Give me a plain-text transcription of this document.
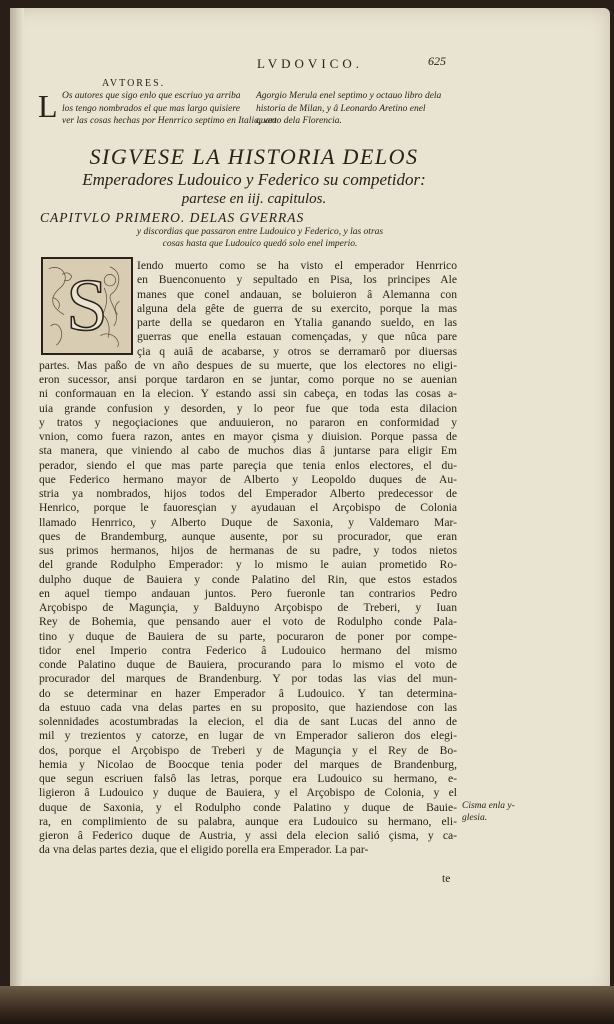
LVDOVICO.	625
L
AVTORES.
Os autores que sigo enlo que escriuo ya arriba
los tengo nombrados el que mas largo quisiere
ver las cosas hechas por Henrrico septimo en Italia, vea
Agorgio Merula enel septimo y octauo libro dela
historia de Milan, y â Leonardo Aretino enel
quarto dela Florencia.
SIGVESE LA HISTORIA DELOS
Emperadores Ludouico y Federico su competidor:
partese en iij. capitulos.
CAPITVLO PRIMERO. DELAS GVERRAS
y discordias que passaron entre Ludouico y Federico, y las otras
cosas hasta que Ludouico quedó solo enel imperio.
Iendo muerto como se ha visto el emperador Henrrico
en Buenconuento y sepultado en Pisa, los principes Ale
manes que conel andauan, se boluieron â Alemanna con
alguna dela gête de guerra de su exercito, porque la mas
parte della se quedaron en Ytalia ganando sueldo, en las
guerras que enella estauan començadas, y que nûca pare
çia q auiâ de acabarse, y otros se derramarô por diuersas
partes. Mas paßo de vn año despues de su muerte, que los electores no eligi-
eron sucessor, ansi porque tardaron en se juntar, como porque no se auenian
ni conformauan en la elecion. Y estando assi sin cabeça, en todas las cosas a-
uia grande confusion y desorden, y lo peor fue que toda esta dilacion
y tratos y negoçiaciones que anduuieron, no pararon en conformidad y
vnion, como fuera razon, antes en mayor çisma y diuision. Porque passa de
sta manera, que viniendo al cabo de muchos dias â juntarse para eligir Em
perador, siendo el que mas parte pareçia que tenia enlos electores, el du-
que Federico hermano mayor de Alberto y Leopoldo duques de Au-
stria ya nombrados, hijos todos del Emperador Alberto predecessor de
Henrico, porque le fauoresçian y ayudauan el Arçobispo de Colonia
llamado Henrrico, y Alberto Duque de Saxonia, y Valdemaro Mar-
ques de Brandemburg, aunque ausente, por su procurador, que eran
sus primos hermanos, hijos de hermanas de su padre, y todos nietos
del grande Rodulpho Emperador: y lo mismo le auian prometido Ro-
dulpho duque de Bauiera y conde Palatino del Rin, que estos estados
en aquel tiempo andauan juntos. Pero fueronle tan contrarios Pedro
Arçobispo de Magunçia, y Balduyno Arçobispo de Treberi, y Iuan
Rey de Bohemia, que pensando auer el voto de Rodulpho conde Pala-
tino y duque de Bauiera de su parte, pocuraron de poner por compe-
tidor enel Imperio contra Federico â Ludouico hermano del mismo
conde Palatino duque de Bauiera, procurando para lo mismo el voto de
procurador del marques de Brandenburg. Y por todas las vias del mun-
do se determinar en hazer Emperador â Ludouico. Y tan determina-
da estuuo cada vna delas partes en su proposito, que haziendose con las
solennidades acostumbradas la elecion, el dia de sant Lucas del anno de
mil y trezientos y catorze, en lugar de vn Emperador salieron dos elegi-
dos, porque el Arçobispo de Treberi y de Magunçia y el Rey de Bo-
hemia y Nicolao de Boocque tenia poder del marques de Brandenburg,
que segun escriuen falsô las letras, porque era Ludouico su hermano, e-
ligieron â Ludouico y duque de Bauiera, y el Arçobispo de Colonia, y el
duque de Saxonia, y el Rodulpho conde Palatino y duque de Bauie-
ra, en complimiento de su palabra, aunque era Ludouico su hermano, eli-
gieron â Federico duque de Austria, y assi dela elecion salió çisma, y ca-
da vna delas partes dezia, que el eligido porella era Emperador. La par-
S
Cisma enla y-
glesia.
te
